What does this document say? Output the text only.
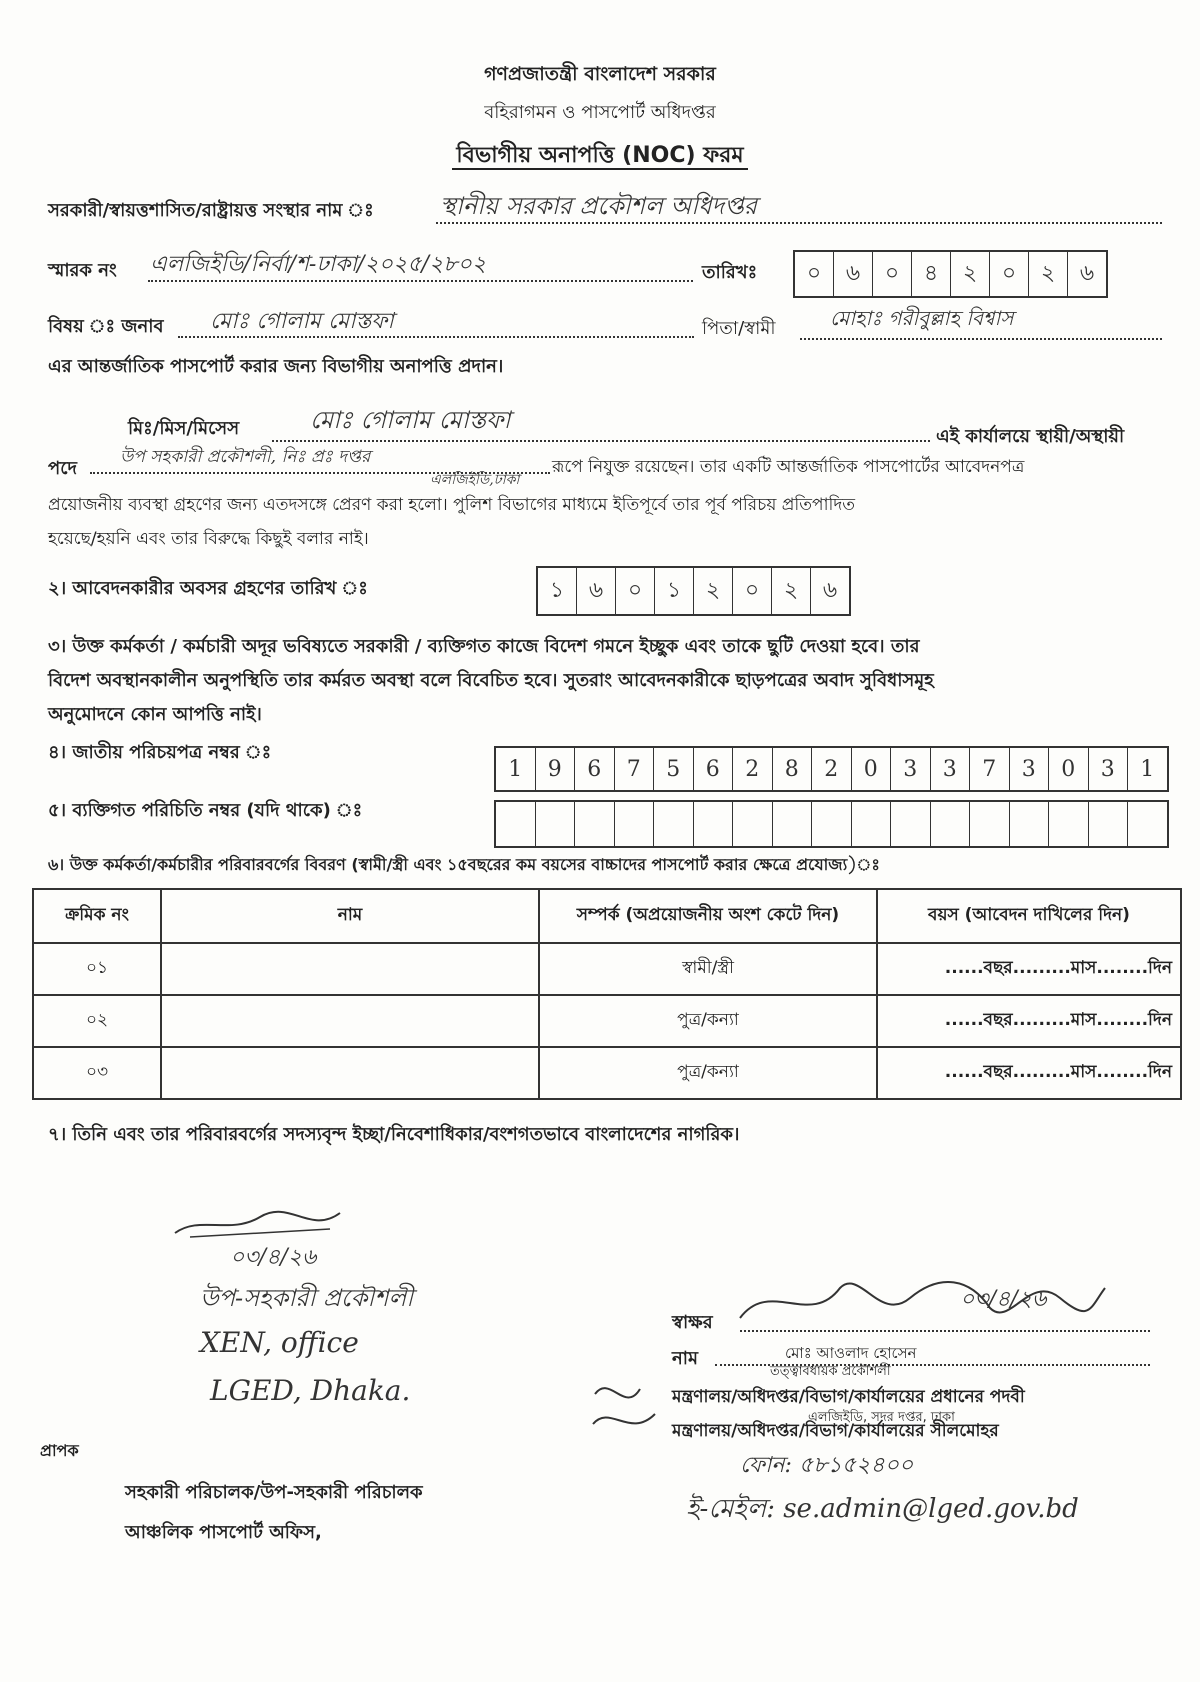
গণপ্রজাতন্ত্রী বাংলাদেশ সরকার
বহিরাগমন ও পাসপোর্ট অধিদপ্তর
বিভাগীয় অনাপত্তি (NOC) ফরম
সরকারী/স্বায়ত্তশাসিত/রাষ্ট্রায়ত্ত সংস্থার নাম ঃ	স্থানীয় সরকার প্রকৌশল অধিদপ্তর
স্মারক নং এলজিইডি/নির্বা/শ-ঢাকা/২০২৫/২৮০২	তারিখঃ	০	৬	০	৪	২	০	২	৬
বিষয় ঃ জনাব মোঃ গোলাম মোস্তফা	পিতা/স্বামী	মোহাঃ গরীবুল্লাহ বিশ্বাস
এর আন্তর্জাতিক পাসপোর্ট করার জন্য বিভাগীয় অনাপত্তি প্রদান।
মিঃ/মিস/মিসেস	মোঃ গোলাম মোস্তফা
এই কার্যালয়ে স্থায়ী/অস্থায়ী
পদে
উপ সহকারী প্রকৌশলী, নিঃ প্রঃ দপ্তর
এলজিইডি,ঢাকা
রূপে নিযুক্ত রয়েছেন। তার একটি আন্তর্জাতিক পাসপোর্টের আবেদনপত্র
প্রয়োজনীয় ব্যবস্থা গ্রহণের জন্য এতদসঙ্গে প্রেরণ করা হলো। পুলিশ বিভাগের মাধ্যমে ইতিপূর্বে তার পূর্ব পরিচয় প্রতিপাদিত
হয়েছে/হয়নি এবং তার বিরুদ্ধে কিছুই বলার নাই।
২। আবেদনকারীর অবসর গ্রহণের তারিখ ঃ	১	৬	০	১	২	০	২	৬
৩। উক্ত কর্মকর্তা / কর্মচারী অদূর ভবিষ্যতে সরকারী / ব্যক্তিগত কাজে বিদেশ গমনে ইচ্ছুক এবং তাকে ছুটি দেওয়া হবে। তার
বিদেশ অবস্থানকালীন অনুপস্থিতি তার কর্মরত অবস্থা বলে বিবেচিত হবে। সুতরাং আবেদনকারীকে ছাড়পত্রের অবাদ সুবিধাসমূহ
অনুমোদনে কোন আপত্তি নাই।
৪। জাতীয় পরিচয়পত্র নম্বর ঃ
1	9	6	7	5	6	2	8	2	0	3	3	7	3	0	3	1
৫। ব্যক্তিগত পরিচিতি নম্বর (যদি থাকে) ঃ
৬। উক্ত কর্মকর্তা/কর্মচারীর পরিবারবর্গের বিবরণ (স্বামী/স্ত্রী এবং ১৫বছরের কম বয়সের বাচ্চাদের পাসপোর্ট করার ক্ষেত্রে প্রযোজ্য)ঃ
ক্রমিক নং	নাম	সম্পর্ক (অপ্রয়োজনীয় অংশ কেটে দিন)	বয়স (আবেদন দাখিলের দিন)
০১		স্বামী/স্ত্রী	......বছর.........মাস........দিন
০২		পুত্র/কন্যা	......বছর.........মাস........দিন
০৩		পুত্র/কন্যা	......বছর.........মাস........দিন
৭। তিনি এবং তার পরিবারবর্গের সদস্যবৃন্দ ইচ্ছা/নিবেশাধিকার/বংশগতভাবে বাংলাদেশের নাগরিক।
০৩/৪/২৬
উপ-সহকারী প্রকৌশলী
XEN, office
LGED, Dhaka.
প্রাপক
সহকারী পরিচালক/উপ-সহকারী পরিচালক
আঞ্চলিক পাসপোর্ট অফিস,
০৩/৪/২৬
স্বাক্ষর
নাম	মোঃ আওলাদ হোসেন
তত্ত্বাবধায়ক প্রকৌশলী
মন্ত্রণালয়/অধিদপ্তর/বিভাগ/কার্যালয়ের প্রধানের পদবী
এলজিইডি, সদর দপ্তর, ঢাকা
মন্ত্রণালয়/অধিদপ্তর/বিভাগ/কার্যালয়ের সীলমোহর
ফোন: ৫৮১৫২৪০০
ই-মেইল: se.admin@lged.gov.bd
